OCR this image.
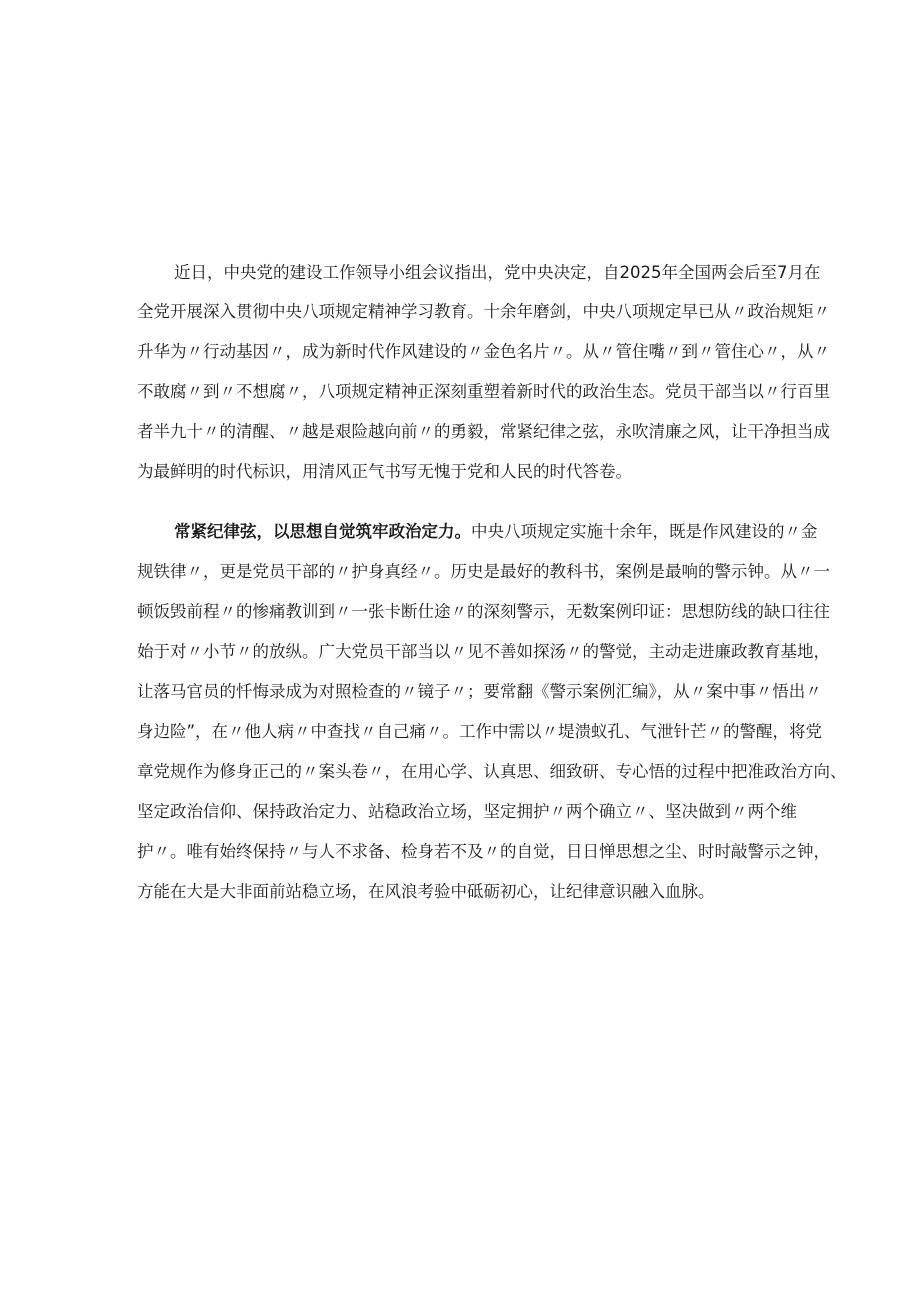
近日，中央党的建设工作领导小组会议指出，党中央决定，自2025年全国两会后至7月在
全党开展深入贯彻中央八项规定精神学习教育。十余年磨剑，中央八项规定早已从〃政治规矩〃
升华为〃行动基因〃，成为新时代作风建设的〃金色名片〃。从〃管住嘴〃到〃管住心〃，从〃
不敢腐〃到〃不想腐〃，八项规定精神正深刻重塑着新时代的政治生态。党员干部当以〃行百里
者半九十〃的清醒、〃越是艰险越向前〃的勇毅，常紧纪律之弦，永吹清廉之风，让干净担当成
为最鲜明的时代标识，用清风正气书写无愧于党和人民的时代答卷。
常紧纪律弦，以思想自觉筑牢政治定力。中央八项规定实施十余年，既是作风建设的〃金
规铁律〃，更是党员干部的〃护身真经〃。历史是最好的教科书，案例是最响的警示钟。从〃一
顿饭毁前程〃的惨痛教训到〃一张卡断仕途〃的深刻警示，无数案例印证：思想防线的缺口往往
始于对〃小节〃的放纵。广大党员干部当以〃见不善如探汤〃的警觉，主动走进廉政教育基地，
让落马官员的忏悔录成为对照检查的〃镜子〃；要常翻《警示案例汇编》，从〃案中事〃悟出〃
身边险”，在〃他人病〃中查找〃自己痛〃。工作中需以〃堤溃蚁孔、气泄针芒〃的警醒，将党
章党规作为修身正己的〃案头卷〃，在用心学、认真思、细致研、专心悟的过程中把准政治方向、
坚定政治信仰、保持政治定力、站稳政治立场，坚定拥护〃两个确立〃、坚决做到〃两个维
护〃。唯有始终保持〃与人不求备、检身若不及〃的自觉，日日惮思想之尘、时时敲警示之钟，
方能在大是大非面前站稳立场，在风浪考验中砥砺初心，让纪律意识融入血脉。
